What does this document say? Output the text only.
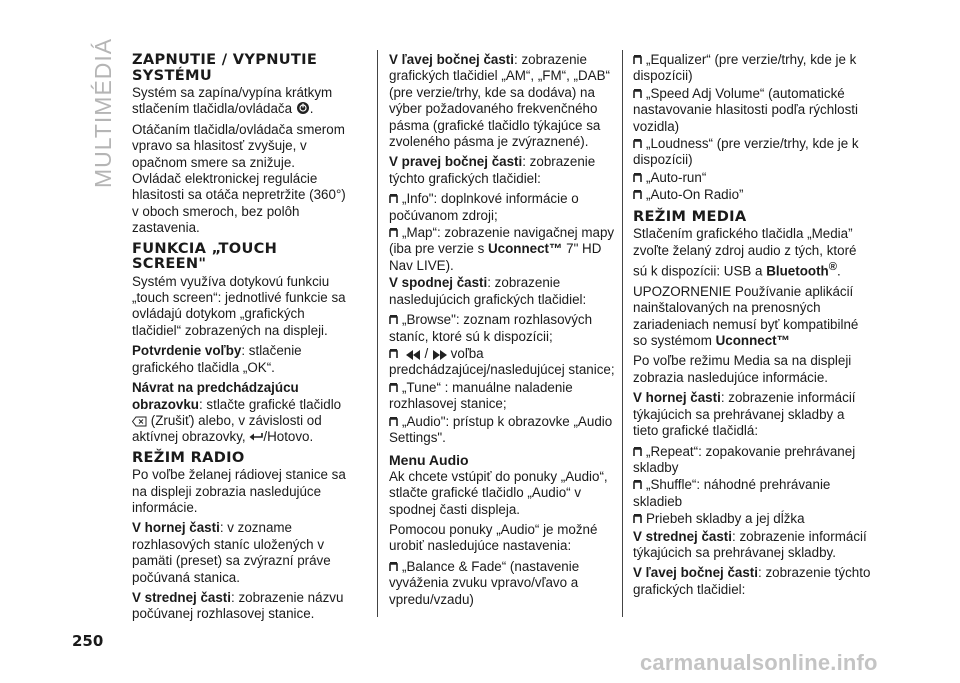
MULTIMÉDIÁ ZAPNUTIE / VYPNUTIE SYSTÉMU

Systém sa zapína/vypína krátkym stlačením tlačidla/ovládača .

Otáčaním tlačidla/ovládača smerom vpravo sa hlasitosť zvyšuje, v opačnom smere sa znižuje. Ovládač elektronickej regulácie hlasitosti sa otáča nepretržite (360°) v oboch smeroch, bez polôh zastavenia.

FUNKCIA „TOUCH SCREEN"

Systém využíva dotykovú funkciu „touch screen“: jednotlivé funkcie sa ovládajú dotykom „grafických tlačidiel“ zobrazených na displeji.

Potvrdenie voľby: stlačenie grafického tlačidla „OK“.

Návrat na predchádzajúcu obrazovku: stlačte grafické tlačidlo  (Zrušiť) alebo, v závislosti od aktívnej obrazovky, /Hotovo.

REŽIM RADIO

Po voľbe želanej rádiovej stanice sa na displeji zobrazia nasledujúce informácie.

V hornej časti: v zozname rozhlasových staníc uložených v pamäti (preset) sa zvýrazní práve počúvaná stanica.

V strednej časti: zobrazenie názvu počúvanej rozhlasovej stanice.

V ľavej bočnej časti: zobrazenie grafických tlačidiel „AM“, „FM“, „DAB“ (pre verzie/trhy, kde sa dodáva) na výber požadovaného frekvenčného pásma (grafické tlačidlo týkajúce sa zvoleného pásma je zvýraznené).

V pravej bočnej časti: zobrazenie týchto grafických tlačidiel:

„Info": doplnkové informácie o počúvanom zdroji;

„Map“: zobrazenie navigačnej mapy (iba pre verzie s Uconnect™ 7" HD Nav LIVE).

V spodnej časti: zobrazenie nasledujúcich grafických tlačidiel:

„Browse": zoznam rozhlasových staníc, ktoré sú k dispozícii;

/ voľba predchádzajúcej/nasledujúcej stanice;

„Tune“ : manuálne naladenie rozhlasovej stanice;

„Audio": prístup k obrazovke „Audio Settings".

Menu Audio

Ak chcete vstúpiť do ponuky „Audio“, stlačte grafické tlačidlo „Audio“ v spodnej časti displeja.

Pomocou ponuky „Audio“ je možné urobiť nasledujúce nastavenia:

„Balance & Fade“ (nastavenie vyváženia zvuku vpravo/vľavo a vpredu/vzadu)

„Equalizer“ (pre verzie/trhy, kde je k dispozícii)

„Speed Adj Volume“ (automatické nastavovanie hlasitosti podľa rýchlosti vozidla)

„Loudness“ (pre verzie/trhy, kde je k dispozícii)

„Auto-run“

„Auto-On Radio”

REŽIM MEDIA

Stlačením grafického tlačidla „Media” zvoľte želaný zdroj audio z tých, ktoré sú k dispozícii: USB a Bluetooth®.

UPOZORNENIE Používanie aplikácií nainštalovaných na prenosných zariadeniach nemusí byť kompatibilné so systémom Uconnect™

Po voľbe režimu Media sa na displeji zobrazia nasledujúce informácie.

V hornej časti: zobrazenie informácií týkajúcich sa prehrávanej skladby a tieto grafické tlačidlá:

„Repeat“: zopakovanie prehrávanej skladby

„Shuffle“: náhodné prehrávanie skladieb

Priebeh skladby a jej dĺžka

V strednej časti: zobrazenie informácií týkajúcich sa prehrávanej skladby.

V ľavej bočnej časti: zobrazenie týchto grafických tlačidiel:

250
carmanualsonline.info
